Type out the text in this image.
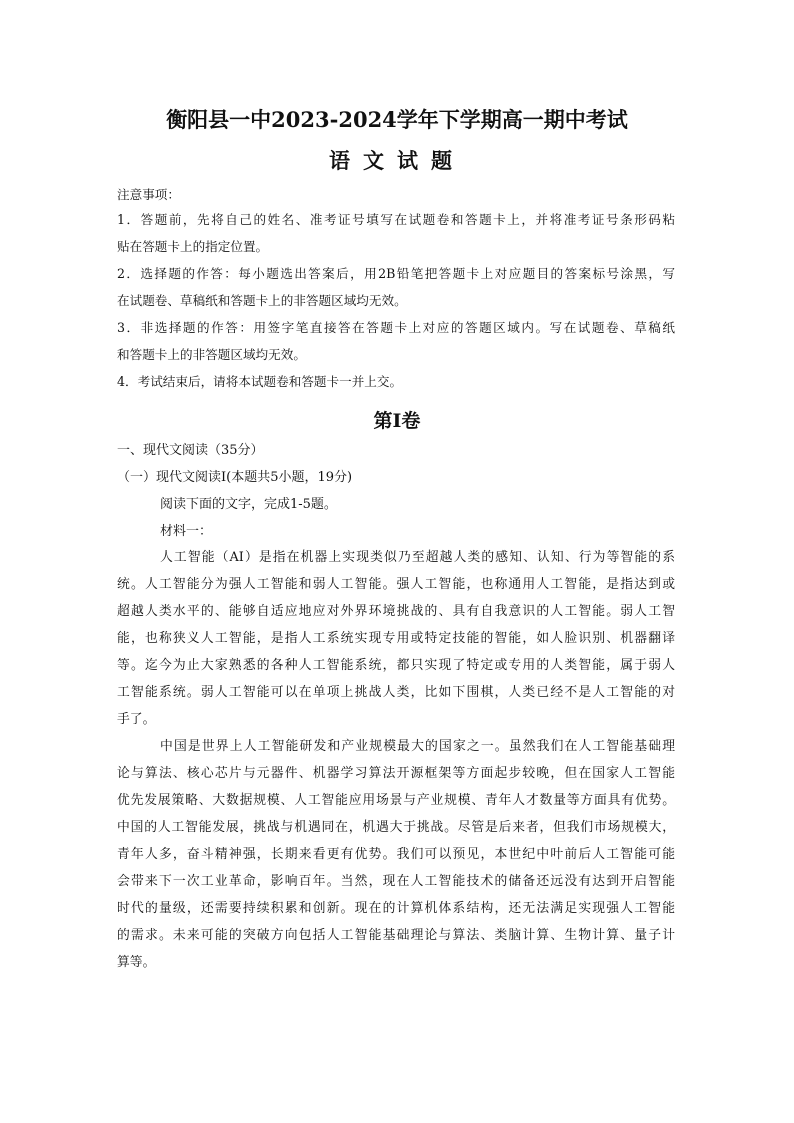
衡阳县一中2023-2024学年下学期高一期中考试
语文试题
注意事项：
1．答题前，先将自己的姓名、准考证号填写在试题卷和答题卡上，并将准考证号条形码粘
贴在答题卡上的指定位置。
2．选择题的作答：每小题选出答案后，用2B铅笔把答题卡上对应题目的答案标号涂黑，写
在试题卷、草稿纸和答题卡上的非答题区域均无效。
3．非选择题的作答：用签字笔直接答在答题卡上对应的答题区域内。写在试题卷、草稿纸
和答题卡上的非答题区域均无效。
4．考试结束后，请将本试题卷和答题卡一并上交。
第Ⅰ卷
一、现代文阅读（35分）
（一）现代文阅读Ⅰ(本题共5小题，19分)
阅读下面的文字，完成1-5题。
材料一：
人工智能（AI）是指在机器上实现类似乃至超越人类的感知、认知、行为等智能的系
统。人工智能分为强人工智能和弱人工智能。强人工智能，也称通用人工智能，是指达到或
超越人类水平的、能够自适应地应对外界环境挑战的、具有自我意识的人工智能。弱人工智
能，也称狭义人工智能，是指人工系统实现专用或特定技能的智能，如人脸识别、机器翻译
等。迄今为止大家熟悉的各种人工智能系统，都只实现了特定或专用的人类智能，属于弱人
工智能系统。弱人工智能可以在单项上挑战人类，比如下围棋，人类已经不是人工智能的对
手了。
中国是世界上人工智能研发和产业规模最大的国家之一。虽然我们在人工智能基础理
论与算法、核心芯片与元器件、机器学习算法开源框架等方面起步较晚，但在国家人工智能
优先发展策略、大数据规模、人工智能应用场景与产业规模、青年人才数量等方面具有优势。
中国的人工智能发展，挑战与机遇同在，机遇大于挑战。尽管是后来者，但我们市场规模大，
青年人多，奋斗精神强，长期来看更有优势。我们可以预见，本世纪中叶前后人工智能可能
会带来下一次工业革命，影响百年。当然，现在人工智能技术的储备还远没有达到开启智能
时代的量级，还需要持续积累和创新。现在的计算机体系结构，还无法满足实现强人工智能
的需求。未来可能的突破方向包括人工智能基础理论与算法、类脑计算、生物计算、量子计
算等。
